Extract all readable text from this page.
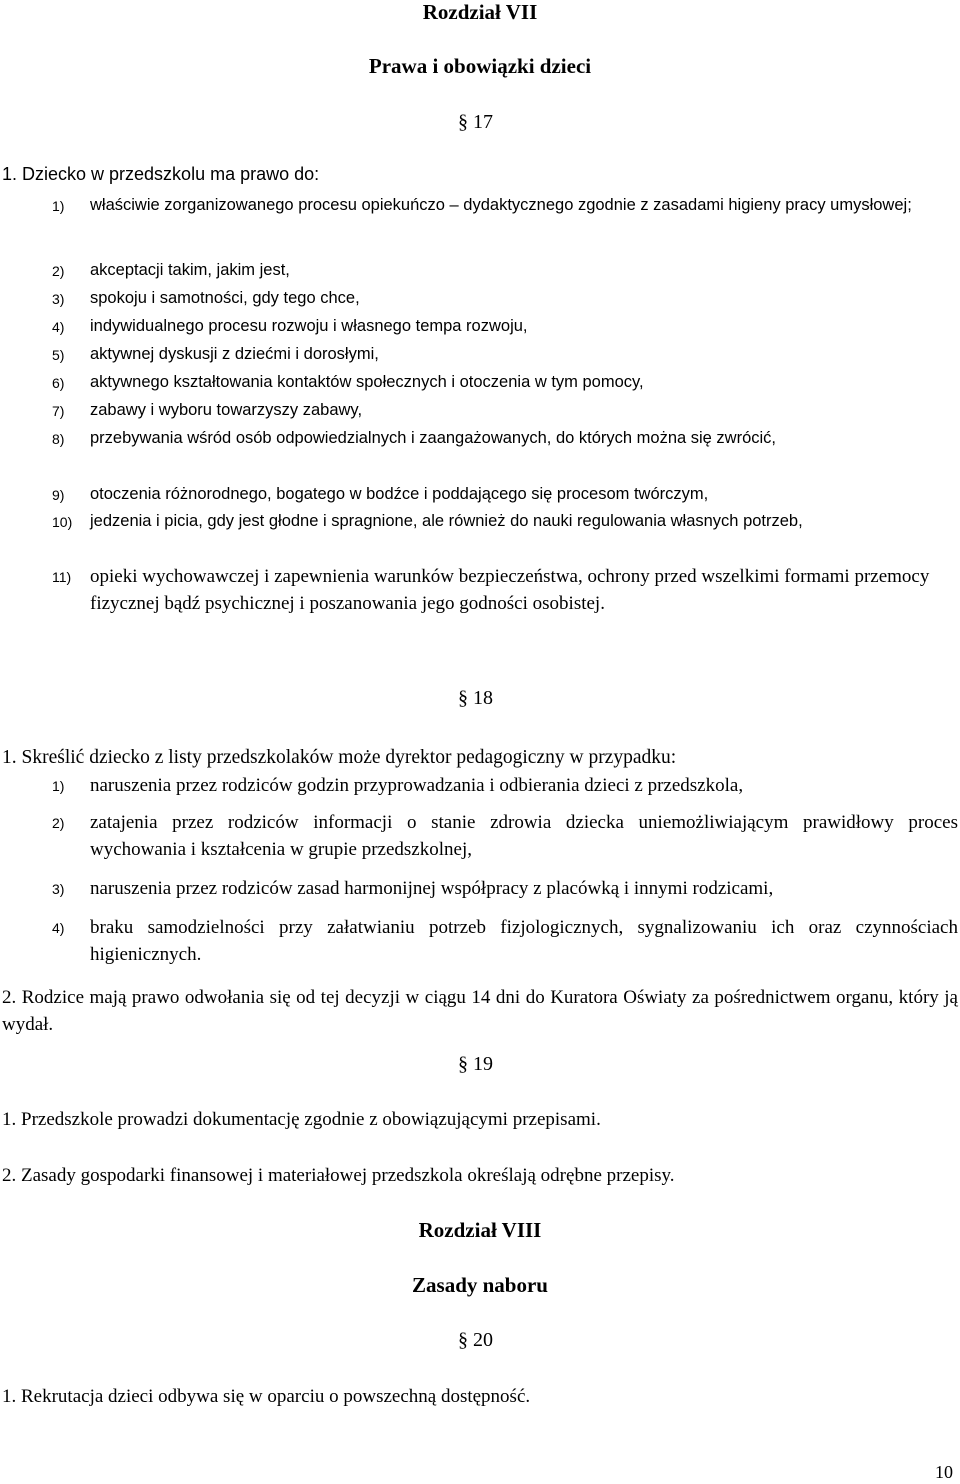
Rozdział VII
Prawa i obowiązki dzieci
§ 17
1. Dziecko w przedszkolu ma prawo do:
1)	właściwie zorganizowanego procesu opiekuńczo – dydaktycznego zgodnie z zasadami higieny pracy umysłowej;
2)	akceptacji takim, jakim jest,
3)	spokoju i samotności, gdy tego chce,
4)	indywidualnego procesu rozwoju i własnego tempa rozwoju,
5)	aktywnej dyskusji z dziećmi i dorosłymi,
6)	aktywnego kształtowania kontaktów społecznych i otoczenia w tym pomocy,
7)	zabawy i wyboru towarzyszy zabawy,
8)	przebywania wśród osób odpowiedzialnych i zaangażowanych, do których można się zwrócić,
9)	otoczenia różnorodnego, bogatego w bodźce i poddającego się procesom twórczym,
10)	jedzenia i picia, gdy jest głodne i spragnione, ale również do nauki regulowania własnych potrzeb,
11) opieki wychowawczej i zapewnienia warunków bezpieczeństwa, ochrony przed wszelkimi formami przemocy fizycznej bądź psychicznej i poszanowania jego godności osobistej.
§ 18
1. Skreślić dziecko z listy przedszkolaków może dyrektor pedagogiczny w przypadku:
1)	naruszenia przez rodziców godzin przyprowadzania i odbierania dzieci z przedszkola,
2)	zatajenia przez rodziców informacji o stanie zdrowia dziecka uniemożliwiającym prawidłowy proces wychowania i kształcenia w grupie przedszkolnej,
3)	naruszenia przez rodziców zasad harmonijnej współpracy z placówką i innymi rodzicami,
4)	braku samodzielności przy załatwianiu potrzeb fizjologicznych, sygnalizowaniu ich oraz czynnościach higienicznych.
2. Rodzice mają prawo odwołania się od tej decyzji w ciągu 14 dni do Kuratora Oświaty za pośrednictwem organu, który ją wydał.
§ 19
1. Przedszkole prowadzi dokumentację zgodnie z obowiązującymi przepisami.
2. Zasady gospodarki finansowej i materiałowej przedszkola określają odrębne przepisy.
Rozdział VIII
Zasady naboru
§ 20
1. Rekrutacja dzieci odbywa się w oparciu o powszechną dostępność.
10
